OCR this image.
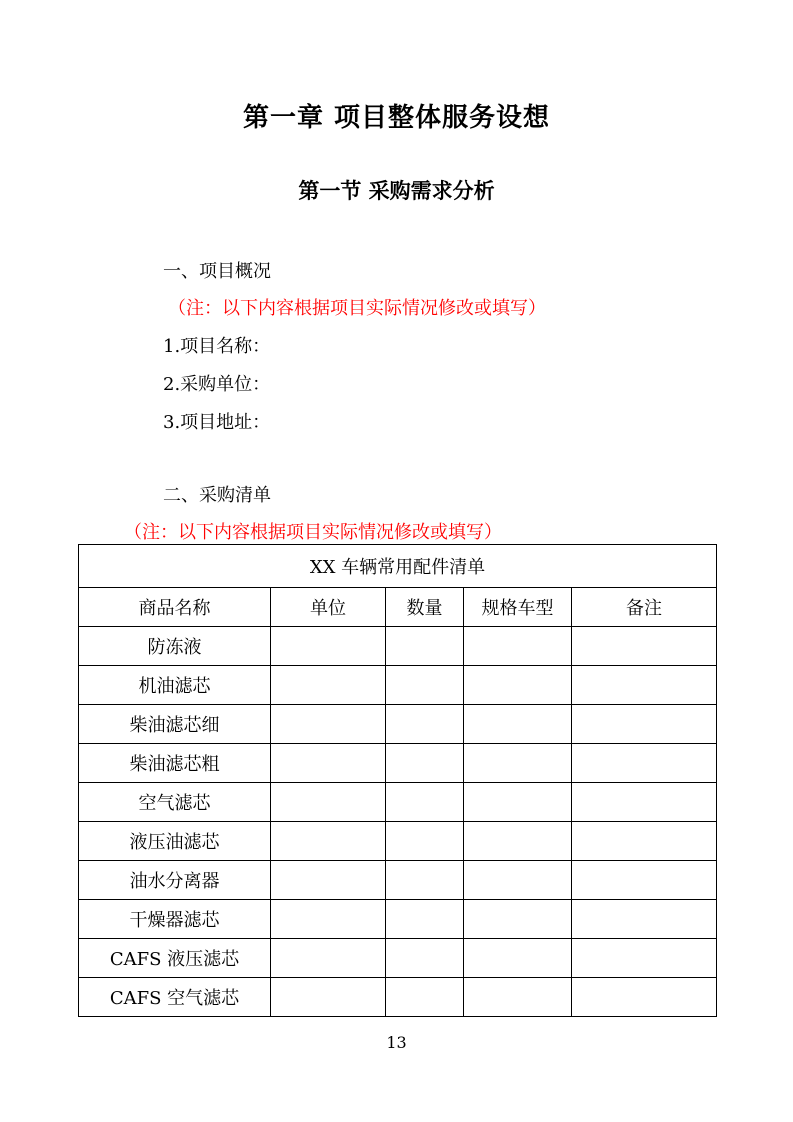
第一章 项目整体服务设想
第一节 采购需求分析

一、项目概况

（注：以下内容根据项目实际情况修改或填写）

1.项目名称：

2.采购单位：

3.项目地址：

二、采购清单

（注：以下内容根据项目实际情况修改或填写）

XX 车辆常用配件清单				
商品名称	单位	数量	规格车型	备注
防冻液				
机油滤芯				
柴油滤芯细				
柴油滤芯粗				
空气滤芯				
液压油滤芯				
油水分离器				
干燥器滤芯				
CAFS 液压滤芯				
CAFS 空气滤芯				
13
